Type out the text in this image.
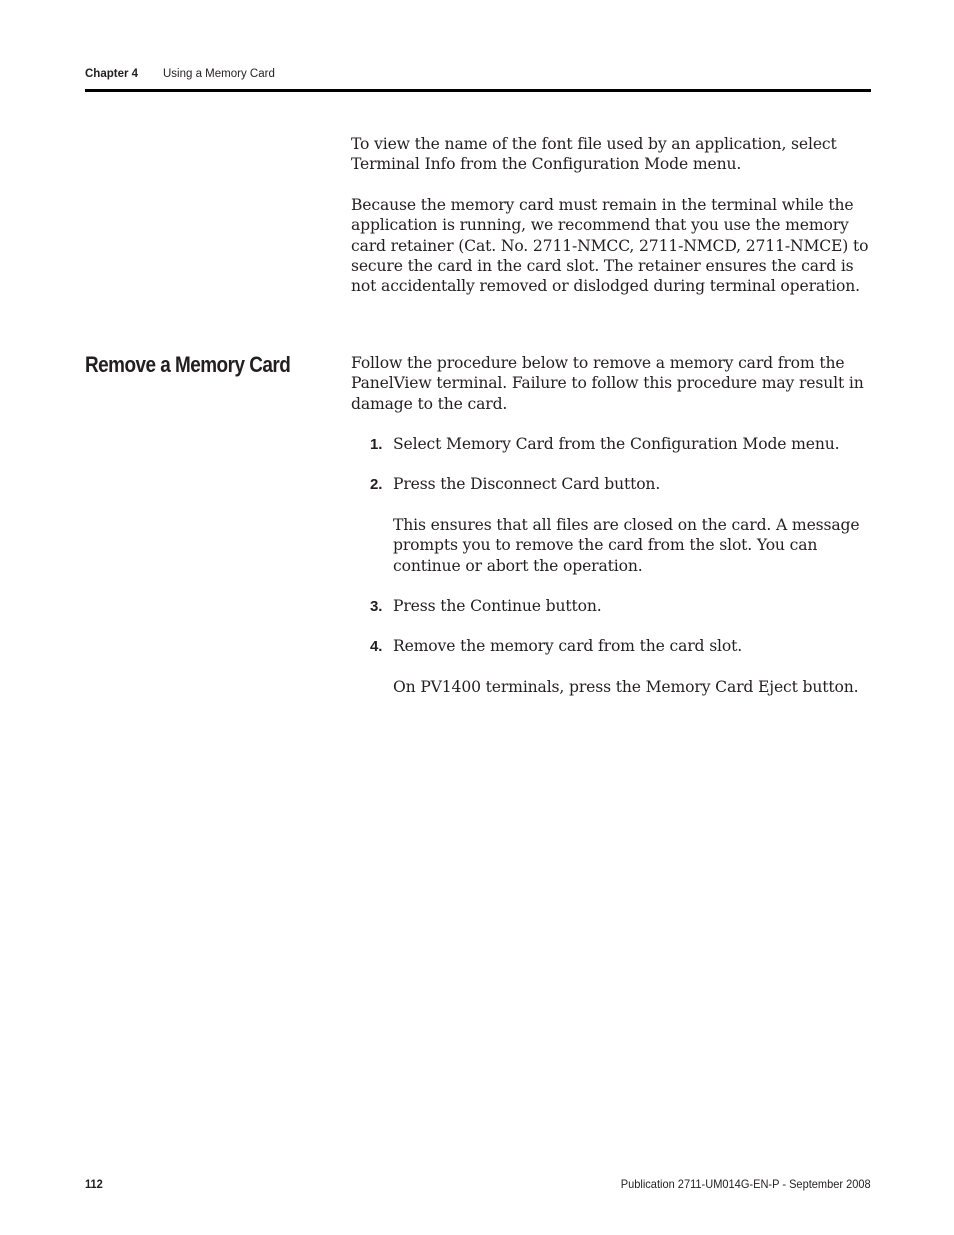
Chapter 4 Using a Memory Card

To view the name of the font file used by an application, select Terminal Info from the Configuration Mode menu.

Because the memory card must remain in the terminal while the application is running, we recommend that you use the memory card retainer (Cat. No. 2711-NMCC, 2711-NMCD, 2711-NMCE) to secure the card in the card slot. The retainer ensures the card is not accidentally removed or dislodged during terminal operation.

Remove a Memory Card	Follow the procedure below to remove a memory card from the PanelView terminal. Failure to follow this procedure may result in damage to the card.

1. Select Memory Card from the Configuration Mode menu.
2. Press the Disconnect Card button.

This ensures that all files are closed on the card. A message prompts you to remove the card from the slot. You can continue or abort the operation.

3. Press the Continue button.
4. Remove the memory card from the card slot.

On PV1400 terminals, press the Memory Card Eject button.

112	Publication 2711-UM014G-EN-P - September 2008
